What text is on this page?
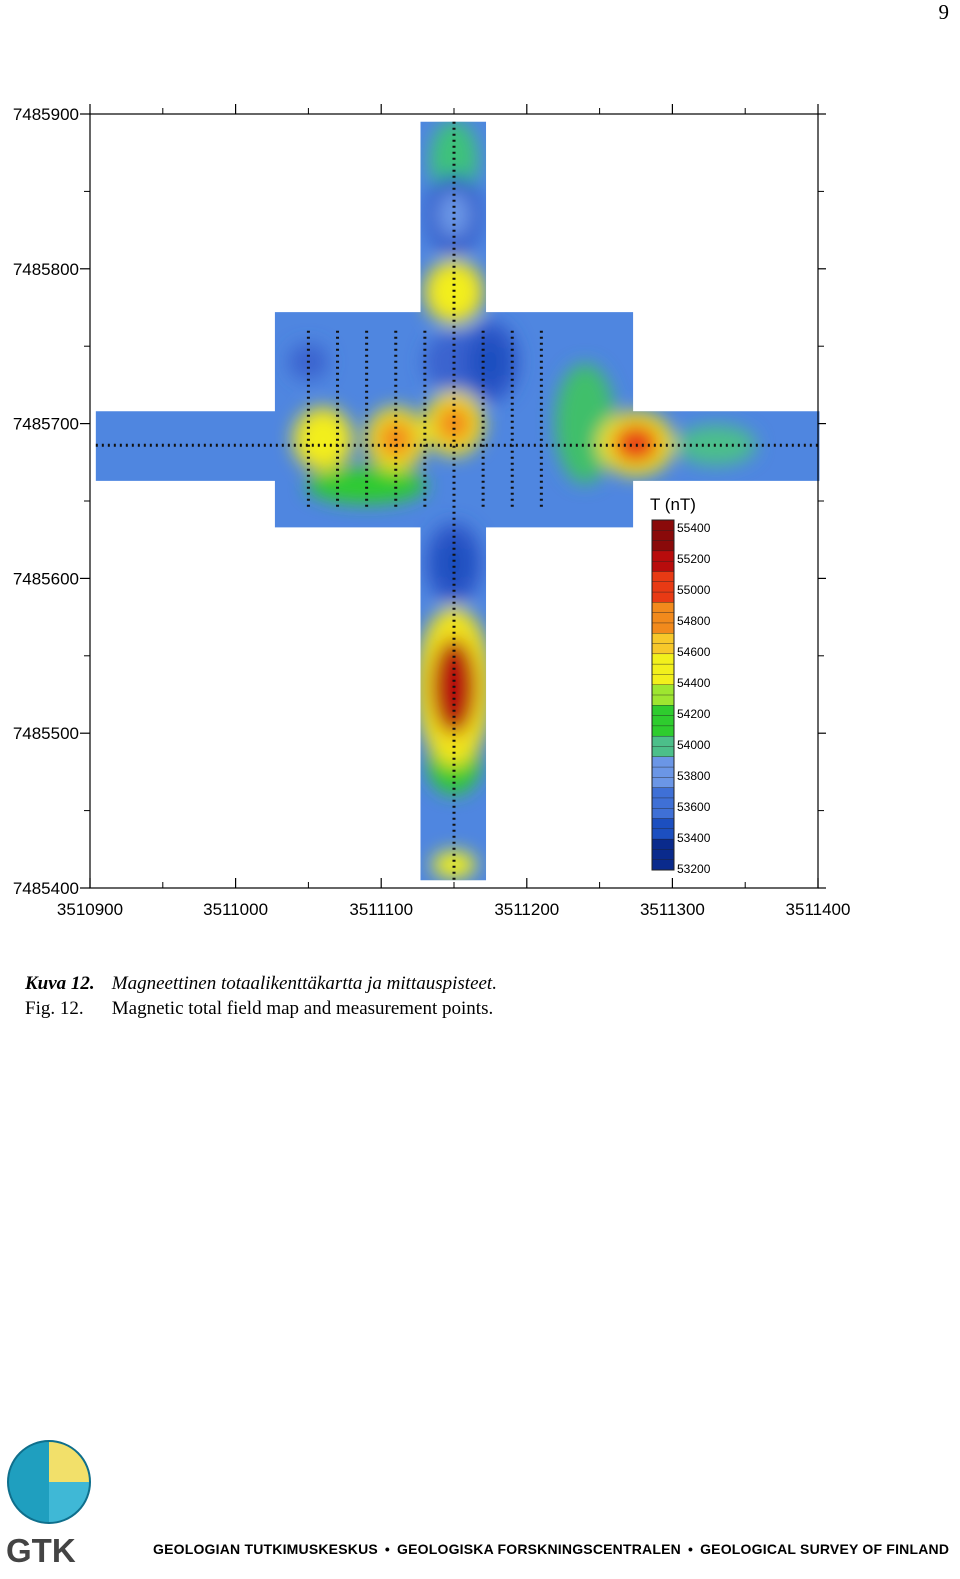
9
3510900	3511000	3511100	3511200	3511300	3511400
7485400
7485500
7485600
7485700
7485800
7485900
T (nT)
55400
55200
55000
54800
54600
54400
54200
54000
53800
53600
53400
53200
Kuva 12. Magneettinen totaalikenttäkartta ja mittauspisteet.
Fig. 12. Magnetic total field map and measurement points.
GTK	GEOLOGIAN TUTKIMUSKESKUS • GEOLOGISKA FORSKNINGSCENTRALEN • GEOLOGICAL SURVEY OF FINLAND
